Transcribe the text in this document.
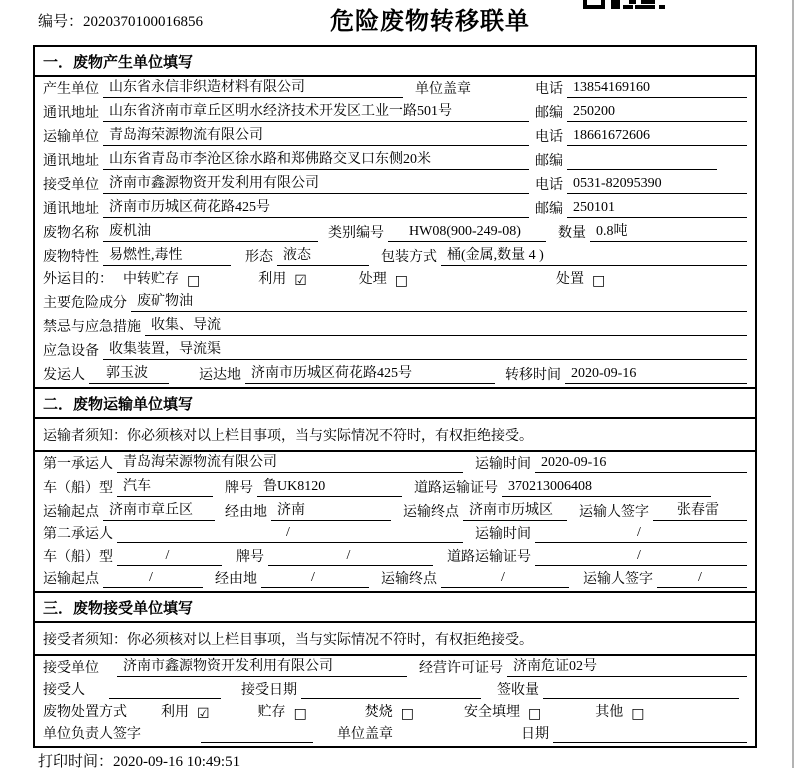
编号：2020370100016856	危险废物转移联单
一．废物产生单位填写
产生单位 山东省永信非织造材料有限公司	单位盖章	电话 13854169160
通讯地址 山东省济南市章丘区明水经济技术开发区工业一路501号	邮编 250200
运输单位 青岛海荣源物流有限公司	电话 18661672606
通讯地址 山东省青岛市李沧区徐水路和郑佛路交叉口东侧20米	邮编
接受单位 济南市鑫源物资开发利用有限公司	电话 0531-82095390
通讯地址 济南市历城区荷花路425号	邮编 250101
废物名称 废机油	类别编号	HW08(900-249-08)	数量 0.8吨
废物特性 易燃性,毒性	形态 液态	包装方式 桶(金属,数量 4 )
外运目的： 中转贮存 □	利用 ☑	处理 □	处置 □
主要危险成分 废矿物油
禁忌与应急措施 收集、导流
应急设备 收集装置，导流渠
发运人	郭玉波	运达地 济南市历城区荷花路425号	转移时间 2020-09-16
二．废物运输单位填写
运输者须知：你必须核对以上栏目事项，当与实际情况不符时，有权拒绝接受。
第一承运人 青岛海荣源物流有限公司	运输时间 2020-09-16
车（船）型 汽车	牌号 鲁UK8120	道路运输证号 370213006408
运输起点 济南市章丘区	经由地 济南	运输终点 济南市历城区	运输人签字	张春雷
第二承运人	/	运输时间	/
车（船）型	/	牌号	/	道路运输证号	/
运输起点	/	经由地	/	运输终点	/	运输人签字	/
三．废物接受单位填写
接受者须知：你必须核对以上栏目事项，当与实际情况不符时，有权拒绝接受。
接受单位	济南市鑫源物资开发利用有限公司	经营许可证号 济南危证02号
接受人	接受日期	签收量
废物处置方式 利用 ☑	贮存 □	焚烧 □	安全填埋 □	其他 □
单位负责人签字	单位盖章	日期
打印时间：2020-09-16 10:49:51
